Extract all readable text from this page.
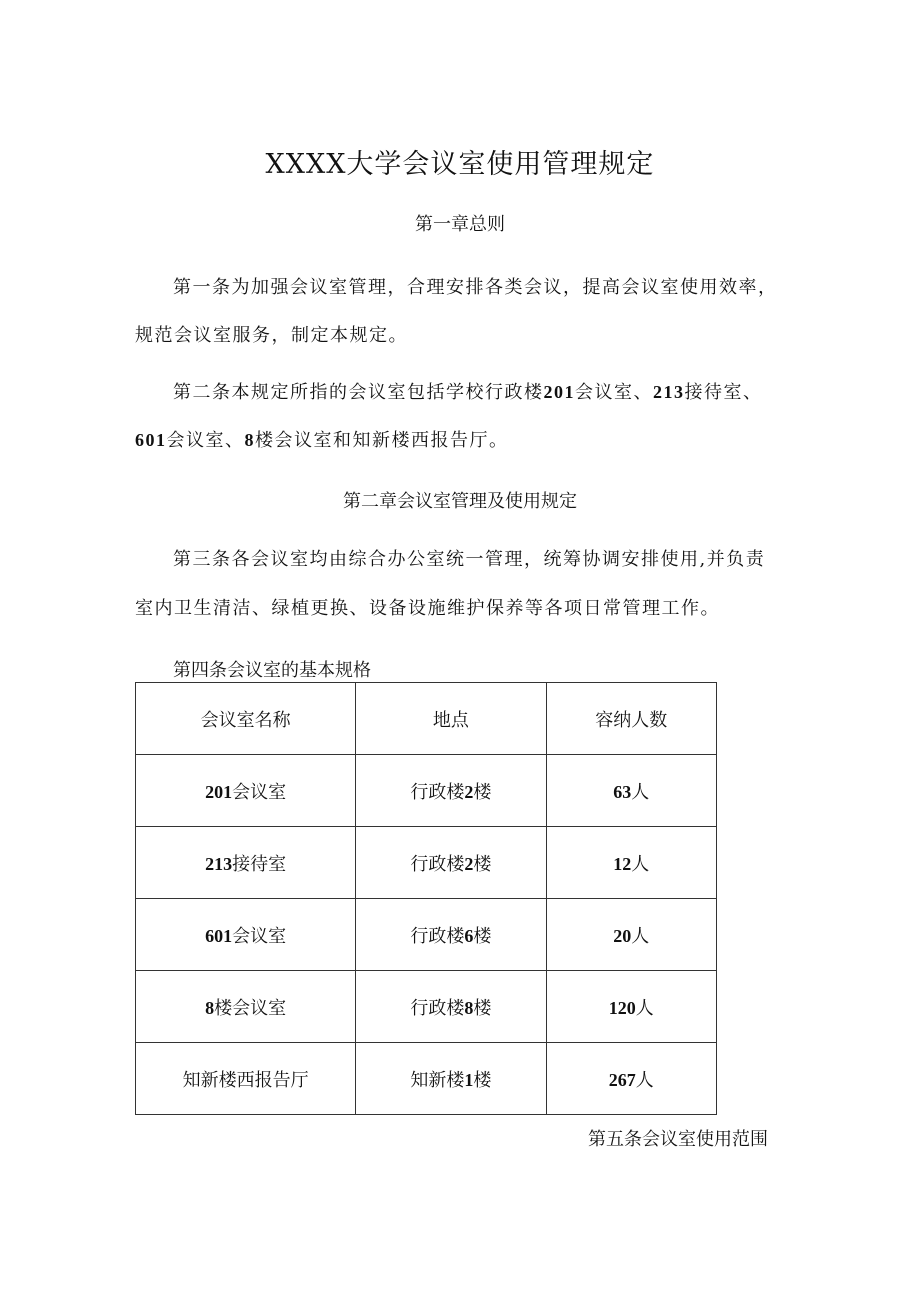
XXXX大学会议室使用管理规定
第一章总则
第一条为加强会议室管理，合理安排各类会议，提高会议室使用效率，
规范会议室服务，制定本规定。
第二条本规定所指的会议室包括学校行政楼201会议室、213接待室、
601会议室、8楼会议室和知新楼西报告厅。
第二章会议室管理及使用规定
第三条各会议室均由综合办公室统一管理，统筹协调安排使用,并负责
室内卫生清洁、绿植更换、设备设施维护保养等各项日常管理工作。
第四条会议室的基本规格
会议室名称	地点	容纳人数
201会议室	行政楼2楼	63人
213接待室	行政楼2楼	12人
601会议室	行政楼6楼	20人
8楼会议室	行政楼8楼	120人
知新楼西报告厅	知新楼1楼	267人
第五条会议室使用范围
